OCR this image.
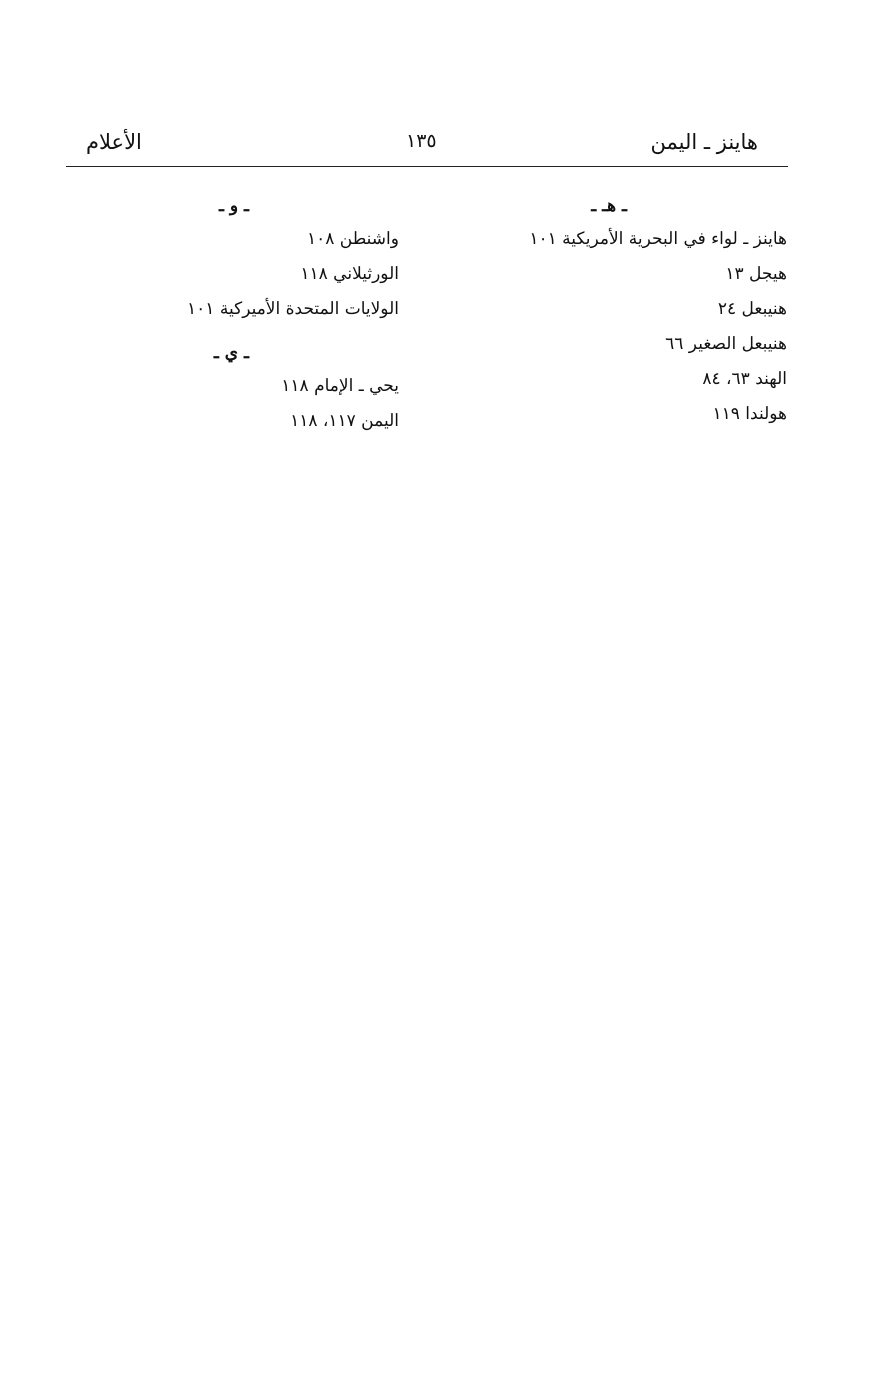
هاينز ـ اليمن
١٣٥
الأعلام
ـ هـ ـ
هاينز ـ لواء في البحرية الأمريكية ١٠١
هيجل ١٣
هنيبعل ٢٤
هنيبعل الصغير ٦٦
الهند ٦٣، ٨٤
هولندا ١١٩
ـ و ـ
واشنطن ١٠٨
الورثيلاني ١١٨
الولايات المتحدة الأميركية ١٠١
ـ ي ـ
يحي ـ الإمام ١١٨
اليمن ١١٧، ١١٨
